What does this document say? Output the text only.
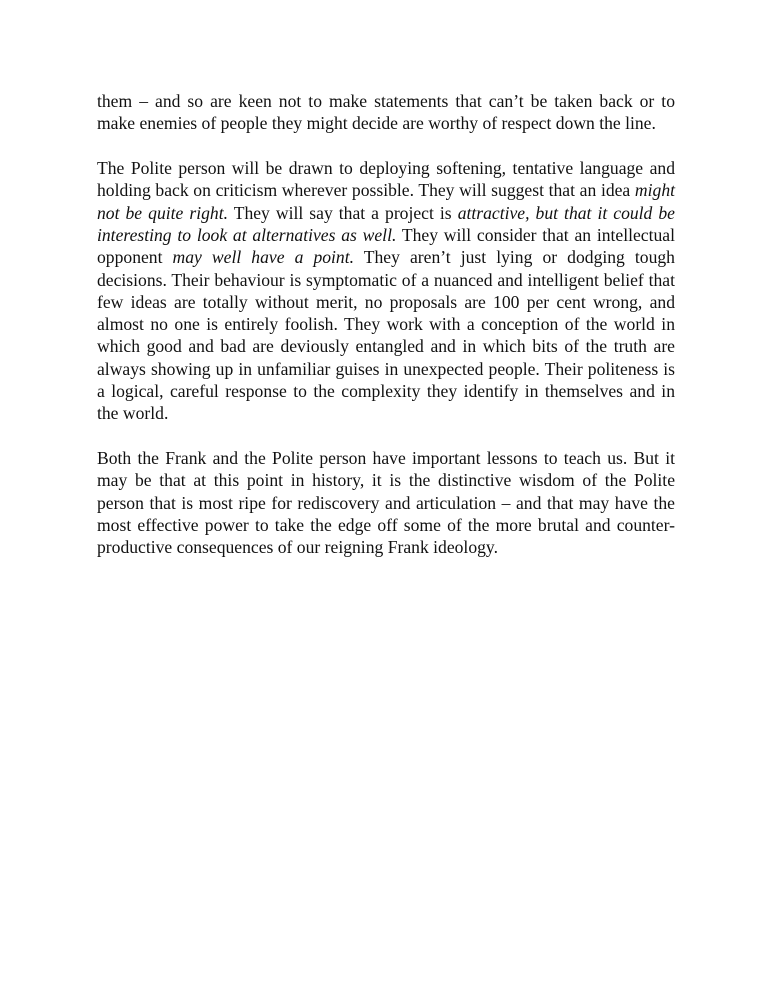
them – and so are keen not to make statements that can’t be taken back or to make enemies of people they might decide are worthy of respect down the line.

The Polite person will be drawn to deploying softening, tentative language and holding back on criticism wherever possible. They will suggest that an idea might not be quite right. They will say that a project is attractive, but that it could be interesting to look at alternatives as well. They will consider that an intellectual opponent may well have a point. They aren’t just lying or dodging tough decisions. Their behaviour is symptomatic of a nuanced and intelligent belief that few ideas are totally without merit, no proposals are 100 per cent wrong, and almost no one is entirely foolish. They work with a conception of the world in which good and bad are deviously entangled and in which bits of the truth are always showing up in unfamiliar guises in unexpected people. Their politeness is a logical, careful response to the complexity they identify in themselves and in the world.

Both the Frank and the Polite person have important lessons to teach us. But it may be that at this point in history, it is the distinctive wisdom of the Polite person that is most ripe for rediscovery and articulation – and that may have the most effective power to take the edge off some of the more brutal and counter-productive consequences of our reigning Frank ideology.
